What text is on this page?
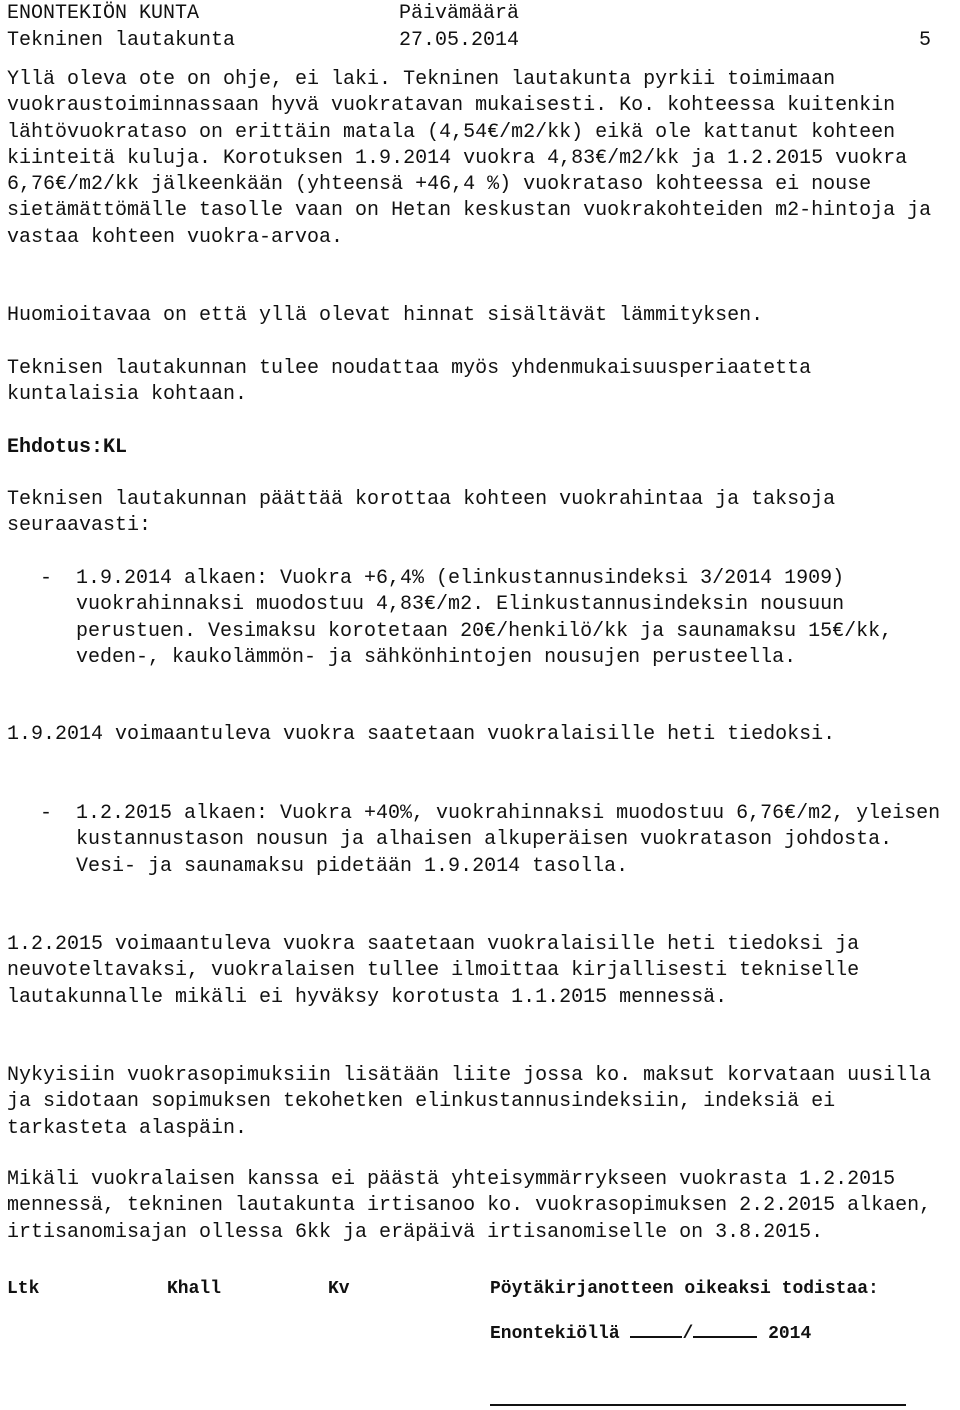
ENONTEKIÖN KUNTA	Päivämäärä
5
Tekninen lautakunta	27.05.2014

Yllä oleva ote on ohje, ei laki. Tekninen lautakunta pyrkii toimimaan vuokraustoiminnassaan hyvä vuokratavan mukaisesti. Ko. kohteessa kuitenkin lähtövuokrataso on erittäin matala (4,54€/m2/kk) eikä ole kattanut kohteen kiinteitä kuluja. Korotuksen 1.9.2014 vuokra 4,83€/m2/kk ja 1.2.2015 vuokra 6,76€/m2/kk jälkeenkään (yhteensä +46,4 %) vuokrataso kohteessa ei nouse sietämättömälle tasolle vaan on Hetan keskustan vuokrakohteiden m2-hintoja ja vastaa kohteen vuokra-arvoa.

Huomioitavaa on että yllä olevat hinnat sisältävät lämmityksen.

Teknisen lautakunnan tulee noudattaa myös yhdenmukaisuusperiaatetta kuntalaisia kohtaan.

Ehdotus:KL

Teknisen lautakunnan päättää korottaa kohteen vuokrahintaa ja taksoja seuraavasti:

- 1.9.2014 alkaen: Vuokra +6,4% (elinkustannusindeksi 3/2014 1909) vuokrahinnaksi muodostuu 4,83€/m2. Elinkustannusindeksin nousuun perustuen. Vesimaksu korotetaan 20€/henkilö/kk ja saunamaksu 15€/kk, veden-, kaukolämmön- ja sähkönhintojen nousujen perusteella.

1.9.2014 voimaantuleva vuokra saatetaan vuokralaisille heti tiedoksi.

- 1.2.2015 alkaen: Vuokra +40%, vuokrahinnaksi muodostuu 6,76€/m2, yleisen kustannustason nousun ja alhaisen alkuperäisen vuokratason johdosta. Vesi- ja saunamaksu pidetään 1.9.2014 tasolla.

1.2.2015 voimaantuleva vuokra saatetaan vuokralaisille heti tiedoksi ja neuvoteltavaksi, vuokralaisen tullee ilmoittaa kirjallisesti tekniselle lautakunnalle mikäli ei hyväksy korotusta 1.1.2015 mennessä.

Nykyisiin vuokrasopimuksiin lisätään liite jossa ko. maksut korvataan uusilla ja sidotaan sopimuksen tekohetken elinkustannusindeksiin, indeksiä ei tarkasteta alaspäin.

Mikäli vuokralaisen kanssa ei päästä yhteisymmärrykseen vuokrasta 1.2.2015 mennessä, tekninen lautakunta irtisanoo ko. vuokrasopimuksen 2.2.2015 alkaen, irtisanomisajan ollessa 6kk ja eräpäivä irtisanomiselle on 3.8.2015.

Ltk	Khall	Kv	Pöytäkirjanotteen oikeaksi todistaa:
Enontekiöllä	/	2014
